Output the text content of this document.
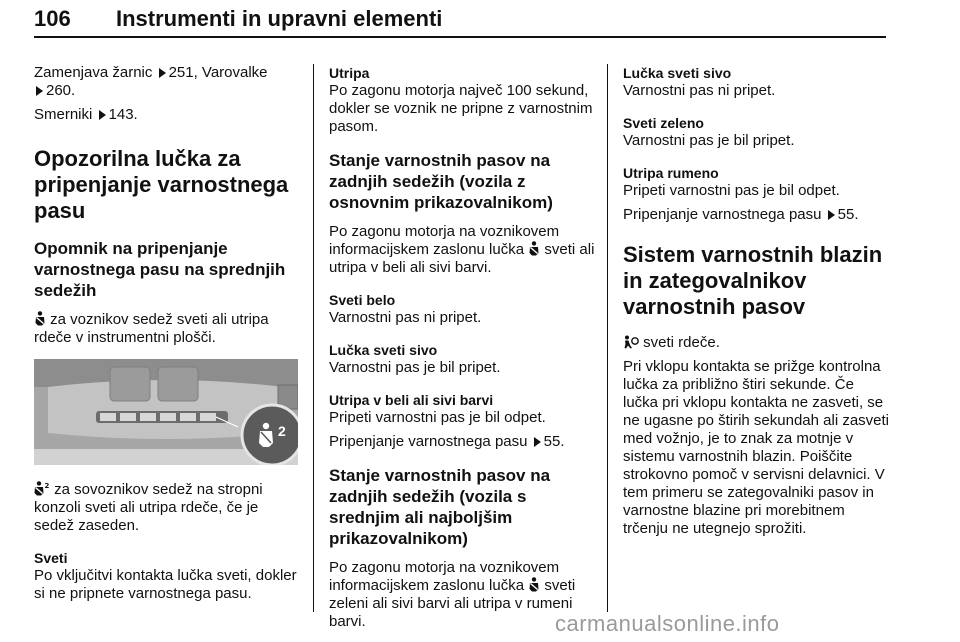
106 Instrumenti in upravni elementi

Zamenjava žarnic 251, Varovalke
260.

Smerniki 143.

Opozorilna lučka za pripenjanje varnostnega pasu
Opomnik na pripenjanje varnostnega pasu na sprednjih sedežih

za voznikov sedež sveti ali utripa rdeče v instrumentni plošči.

2

2 za sovoznikov sedež na stropni konzoli sveti ali utripa rdeče, če je sedež zaseden.

Sveti

Po vključitvi kontakta lučka sveti, dokler si ne pripnete varnostnega pasu.

Utripa

Po zagonu motorja največ 100 sekund, dokler se voznik ne pripne z varnostnim pasom.

Stanje varnostnih pasov na zadnjih sedežih (vozila z osnovnim prikazovalnikom)

Po zagonu motorja na voznikovem informacijskem zaslonu lučka sveti ali utripa v beli ali sivi barvi.

Sveti belo

Varnostni pas ni pripet.

Lučka sveti sivo

Varnostni pas je bil pripet.

Utripa v beli ali sivi barvi

Pripeti varnostni pas je bil odpet.

Pripenjanje varnostnega pasu 55.

Stanje varnostnih pasov na zadnjih sedežih (vozila s srednjim ali najboljšim prikazovalnikom)

Po zagonu motorja na voznikovem informacijskem zaslonu lučka sveti zeleni ali sivi barvi ali utripa v rumeni barvi.

Lučka sveti sivo

Varnostni pas ni pripet.

Sveti zeleno

Varnostni pas je bil pripet.

Utripa rumeno

Pripeti varnostni pas je bil odpet.

Pripenjanje varnostnega pasu 55.

Sistem varnostnih blazin in zategovalnikov varnostnih pasov

sveti rdeče.

Pri vklopu kontakta se prižge kontrolna lučka za približno štiri sekunde. Če lučka pri vklopu kontakta ne zasveti, se ne ugasne po štirih sekundah ali zasveti med vožnjo, je to znak za motnje v sistemu varnostnih blazin. Poiščite strokovno pomoč v servisni delavnici. V tem primeru se zategovalniki pasov in varnostne blazine pri morebitnem trčenju ne utegnejo sprožiti.

carmanualsonline.info
